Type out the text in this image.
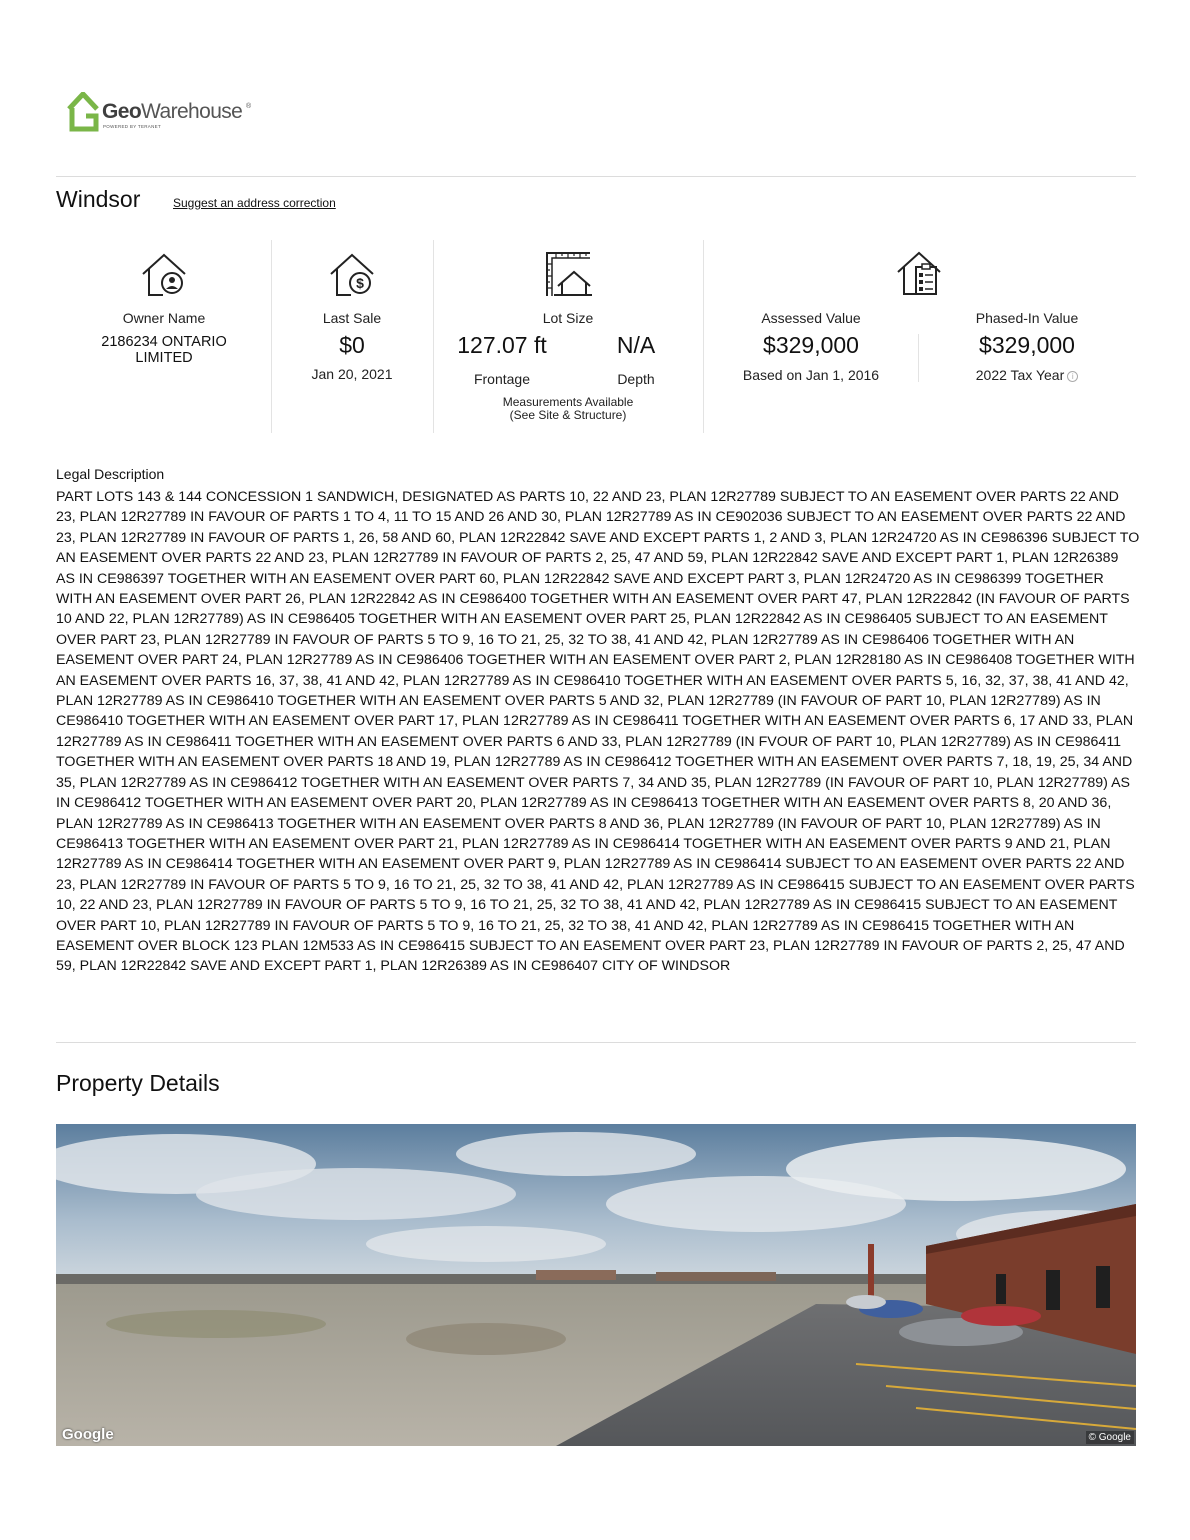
GeoWarehouse ®
POWERED BY TERANET
Windsor	Suggest an address correction
Owner Name
2186234 ONTARIO LIMITED
$
Last Sale
$0
Jan 20, 2021
Lot Size
127.07 ft	N/A
Frontage	Depth
Measurements Available
(See Site & Structure)
Assessed Value
$329,000
Based on Jan 1, 2016
Phased-In Value
$329,000
2022 Tax Year i
Legal Description
PART LOTS 143 & 144 CONCESSION 1 SANDWICH, DESIGNATED AS PARTS 10, 22 AND 23, PLAN 12R27789 SUBJECT TO AN EASEMENT OVER PARTS 22 AND 23, PLAN 12R27789 IN FAVOUR OF PARTS 1 TO 4, 11 TO 15 AND 26 AND 30, PLAN 12R27789 AS IN CE902036 SUBJECT TO AN EASEMENT OVER PARTS 22 AND 23, PLAN 12R27789 IN FAVOUR OF PARTS 1, 26, 58 AND 60, PLAN 12R22842 SAVE AND EXCEPT PARTS 1, 2 AND 3, PLAN 12R24720 AS IN CE986396 SUBJECT TO AN EASEMENT OVER PARTS 22 AND 23, PLAN 12R27789 IN FAVOUR OF PARTS 2, 25, 47 AND 59, PLAN 12R22842 SAVE AND EXCEPT PART 1, PLAN 12R26389 AS IN CE986397 TOGETHER WITH AN EASEMENT OVER PART 60, PLAN 12R22842 SAVE AND EXCEPT PART 3, PLAN 12R24720 AS IN CE986399 TOGETHER WITH AN EASEMENT OVER PART 26, PLAN 12R22842 AS IN CE986400 TOGETHER WITH AN EASEMENT OVER PART 47, PLAN 12R22842 (IN FAVOUR OF PARTS 10 AND 22, PLAN 12R27789) AS IN CE986405 TOGETHER WITH AN EASEMENT OVER PART 25, PLAN 12R22842 AS IN CE986405 SUBJECT TO AN EASEMENT OVER PART 23, PLAN 12R27789 IN FAVOUR OF PARTS 5 TO 9, 16 TO 21, 25, 32 TO 38, 41 AND 42, PLAN 12R27789 AS IN CE986406 TOGETHER WITH AN EASEMENT OVER PART 24, PLAN 12R27789 AS IN CE986406 TOGETHER WITH AN EASEMENT OVER PART 2, PLAN 12R28180 AS IN CE986408 TOGETHER WITH AN EASEMENT OVER PARTS 16, 37, 38, 41 AND 42, PLAN 12R27789 AS IN CE986410 TOGETHER WITH AN EASEMENT OVER PARTS 5, 16, 32, 37, 38, 41 AND 42, PLAN 12R27789 AS IN CE986410 TOGETHER WITH AN EASEMENT OVER PARTS 5 AND 32, PLAN 12R27789 (IN FAVOUR OF PART 10, PLAN 12R27789) AS IN CE986410 TOGETHER WITH AN EASEMENT OVER PART 17, PLAN 12R27789 AS IN CE986411 TOGETHER WITH AN EASEMENT OVER PARTS 6, 17 AND 33, PLAN 12R27789 AS IN CE986411 TOGETHER WITH AN EASEMENT OVER PARTS 6 AND 33, PLAN 12R27789 (IN FVOUR OF PART 10, PLAN 12R27789) AS IN CE986411 TOGETHER WITH AN EASEMENT OVER PARTS 18 AND 19, PLAN 12R27789 AS IN CE986412 TOGETHER WITH AN EASEMENT OVER PARTS 7, 18, 19, 25, 34 AND 35, PLAN 12R27789 AS IN CE986412 TOGETHER WITH AN EASEMENT OVER PARTS 7, 34 AND 35, PLAN 12R27789 (IN FAVOUR OF PART 10, PLAN 12R27789) AS IN CE986412 TOGETHER WITH AN EASEMENT OVER PART 20, PLAN 12R27789 AS IN CE986413 TOGETHER WITH AN EASEMENT OVER PARTS 8, 20 AND 36, PLAN 12R27789 AS IN CE986413 TOGETHER WITH AN EASEMENT OVER PARTS 8 AND 36, PLAN 12R27789 (IN FAVOUR OF PART 10, PLAN 12R27789) AS IN CE986413 TOGETHER WITH AN EASEMENT OVER PART 21, PLAN 12R27789 AS IN CE986414 TOGETHER WITH AN EASEMENT OVER PARTS 9 AND 21, PLAN 12R27789 AS IN CE986414 TOGETHER WITH AN EASEMENT OVER PART 9, PLAN 12R27789 AS IN CE986414 SUBJECT TO AN EASEMENT OVER PARTS 22 AND 23, PLAN 12R27789 IN FAVOUR OF PARTS 5 TO 9, 16 TO 21, 25, 32 TO 38, 41 AND 42, PLAN 12R27789 AS IN CE986415 SUBJECT TO AN EASEMENT OVER PARTS 10, 22 AND 23, PLAN 12R27789 IN FAVOUR OF PARTS 5 TO 9, 16 TO 21, 25, 32 TO 38, 41 AND 42, PLAN 12R27789 AS IN CE986415 SUBJECT TO AN EASEMENT OVER PART 10, PLAN 12R27789 IN FAVOUR OF PARTS 5 TO 9, 16 TO 21, 25, 32 TO 38, 41 AND 42, PLAN 12R27789 AS IN CE986415 TOGETHER WITH AN EASEMENT OVER BLOCK 123 PLAN 12M533 AS IN CE986415 SUBJECT TO AN EASEMENT OVER PART 23, PLAN 12R27789 IN FAVOUR OF PARTS 2, 25, 47 AND 59, PLAN 12R22842 SAVE AND EXCEPT PART 1, PLAN 12R26389 AS IN CE986407 CITY OF WINDSOR
Property Details
Google	© Google
